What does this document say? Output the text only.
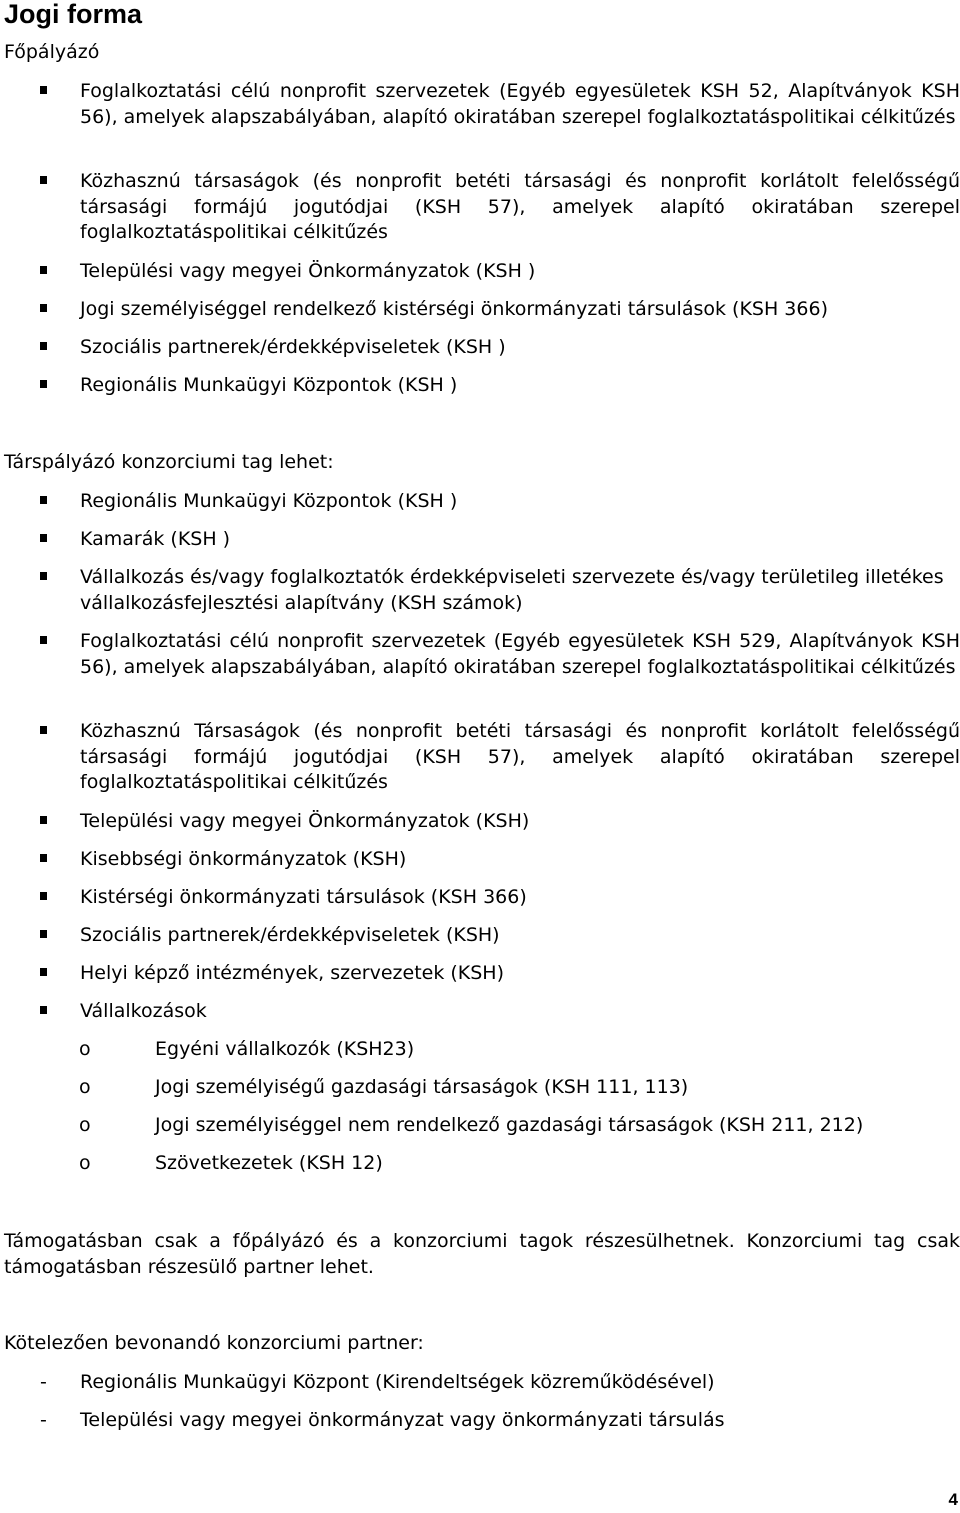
Jogi forma
Főpályázó
Foglalkoztatási célú nonprofit szervezetek (Egyéb egyesületek KSH 52, Alapítványok KSH 56), amelyek alapszabályában, alapító okiratában szerepel foglalkoztatáspolitikai célkitűzés
Közhasznú társaságok (és nonprofit betéti társasági és nonprofit korlátolt felelősségű társasági formájú jogutódjai (KSH 57), amelyek alapító okiratában szerepel foglalkoztatáspolitikai célkitűzés
Települési vagy megyei Önkormányzatok (KSH )
Jogi személyiséggel rendelkező kistérségi önkormányzati társulások (KSH 366)
Szociális partnerek/érdekképviseletek (KSH )
Regionális Munkaügyi Központok (KSH )
Társpályázó konzorciumi tag lehet:
Regionális Munkaügyi Központok (KSH )
Kamarák (KSH )
Vállalkozás és/vagy foglalkoztatók érdekképviseleti szervezete és/vagy területileg illetékes vállalkozásfejlesztési alapítvány (KSH számok)
Foglalkoztatási célú nonprofit szervezetek (Egyéb egyesületek KSH 529, Alapítványok KSH 56), amelyek alapszabályában, alapító okiratában szerepel foglalkoztatáspolitikai célkitűzés
Közhasznú Társaságok (és nonprofit betéti társasági és nonprofit korlátolt felelősségű társasági formájú jogutódjai (KSH 57), amelyek alapító okiratában szerepel foglalkoztatáspolitikai célkitűzés
Települési vagy megyei Önkormányzatok (KSH)
Kisebbségi önkormányzatok (KSH)
Kistérségi önkormányzati társulások (KSH 366)
Szociális partnerek/érdekképviseletek (KSH)
Helyi képző intézmények, szervezetek (KSH)
Vállalkozások
o	Egyéni vállalkozók (KSH23)
o	Jogi személyiségű gazdasági társaságok (KSH 111, 113)
o	Jogi személyiséggel nem rendelkező gazdasági társaságok (KSH 211, 212)
o	Szövetkezetek (KSH 12)
Támogatásban csak a főpályázó és a konzorciumi tagok részesülhetnek. Konzorciumi tag csak támogatásban részesülő partner lehet.
Kötelezően bevonandó konzorciumi partner:
- Regionális Munkaügyi Központ (Kirendeltségek közreműködésével)
- Települési vagy megyei önkormányzat vagy önkormányzati társulás
4
